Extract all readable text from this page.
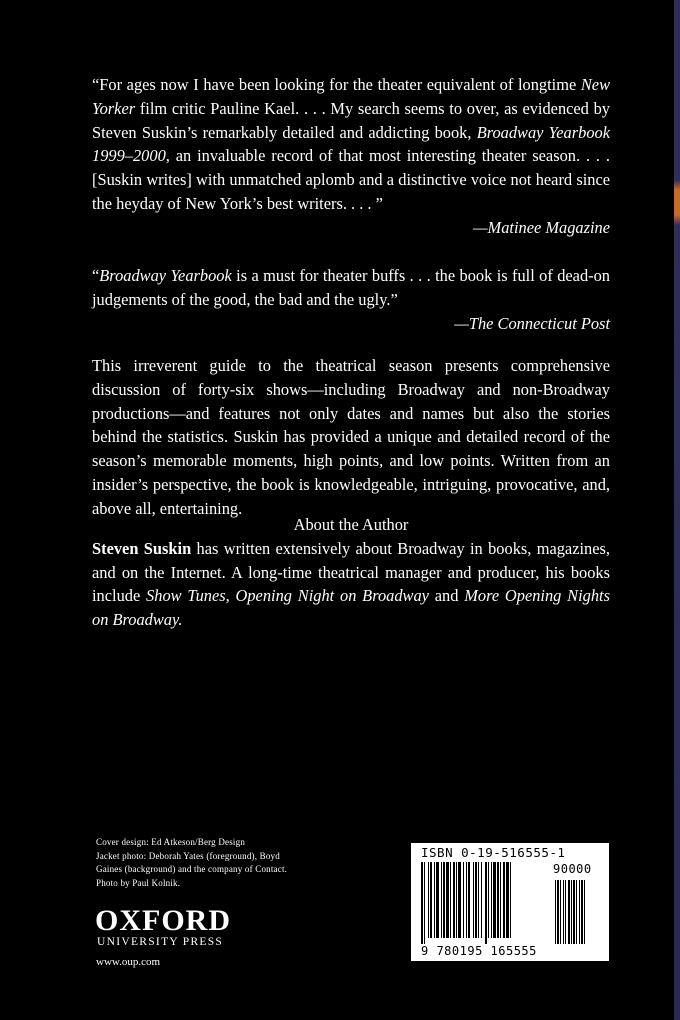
“For ages now I have been looking for the theater equivalent of longtime New Yorker film critic Pauline Kael. . . . My search seems to over, as evidenced by Steven Suskin’s remarkably detailed and addicting book, Broadway Yearbook 1999–2000, an invaluable record of that most interesting theater season. . . . [Suskin writes] with unmatched aplomb and a distinctive voice not heard since the heyday of New York’s best writers. . . . ”

—Matinee Magazine

“Broadway Yearbook is a must for theater buffs . . . the book is full of dead-on judgements of the good, the bad and the ugly.”

—The Connecticut Post

This irreverent guide to the theatrical season presents comprehensive discussion of forty-six shows—including Broadway and non-Broadway productions—and features not only dates and names but also the stories behind the statistics. Suskin has provided a unique and detailed record of the season’s memorable moments, high points, and low points. Written from an insider’s perspective, the book is knowledgeable, intriguing, provocative, and, above all, entertaining.

About the Author

Steven Suskin has written extensively about Broadway in books, magazines, and on the Internet. A long-time theatrical manager and producer, his books include Show Tunes, Opening Night on Broadway and More Opening Nights on Broadway.

Cover design: Ed Atkeson/Berg Design
Jacket photo: Deborah Yates (foreground), Boyd
Gaines (background) and the company of Contact.
Photo by Paul Kolnik.
OXFORD
UNIVERSITY PRESS
www.oup.com
ISBN 0-19-516555-1
90000
9 780195 165555
